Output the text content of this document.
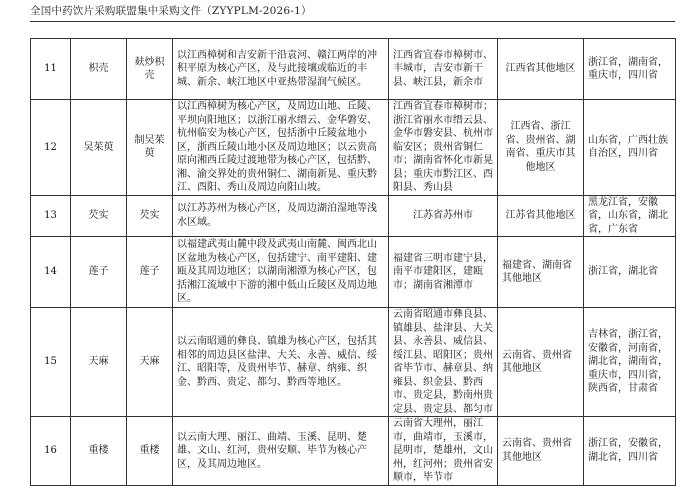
全国中药饮片采购联盟集中采购文件（ZYYPLM-2026-1）
11	枳壳	麸炒枳壳	以江西樟树和吉安新干沿袁河、赣江两岸的冲积平原为核心产区，及与此接壤或临近的丰城、新余、峡江地区中亚热带湿润气候区。	江西省宜春市樟树市、丰城市，吉安市新干县、峡江县，新余市	江西省其他地区	浙江省，湖南省，重庆市，四川省
12	吴茱萸	制吴茱萸	以江西樟树为核心产区，及周边山地、丘陵、平坝向阳地区；以浙江丽水缙云、金华磐安、杭州临安为核心产区，包括浙中丘陵盆地小区，浙西丘陵山地小区及周边地区；以云贵高原向湘西丘陵过渡地带为核心产区，包括黔、湘、渝交界处的贵州铜仁、湖南新晃、重庆黔江、酉阳、秀山及周边向阳山坡。	江西省宜春市樟树市；浙江省丽水市缙云县、金华市磐安县、杭州市临安区；贵州省铜仁市；湖南省怀化市新晃县；重庆市黔江区、酉阳县、秀山县	江西省、浙江省、贵州省、湖南省、重庆市其他地区	山东省，广西壮族自治区，四川省
13	芡实	芡实	以江苏苏州为核心产区，及周边湖泊湿地等浅水区域。	江苏省苏州市	江苏省其他地区	黑龙江省，安徽省，山东省，湖北省，广东省
14	莲子	莲子	以福建武夷山麓中段及武夷山南麓、闽西北山区盆地为核心产区，包括建宁、南平建阳、建瓯及其周边地区；以湖南湘潭为核心产区，包括湘江流域中下游的湘中低山丘陵区及周边地区。	福建省三明市建宁县，南平市建阳区，建瓯市；湖南省湘潭市	福建省、湖南省其他地区	浙江省，湖北省
15	天麻	天麻	以云南昭通的彝良、镇雄为核心产区，包括其相邻的周边县区盐津、大关、永善、威信、绥江、昭阳等，及贵州毕节、赫章、纳雍、织金、黔西、贵定、都匀、黔西等地区。	云南省昭通市彝良县、镇雄县、盐津县、大关县、永善县、威信县、绥江县、昭阳区；贵州省毕节市、赫章县、纳雍县、织金县、黔西市、贵定县，黔南州贵定县、贵定县、都匀市	云南省、贵州省其他地区	吉林省，浙江省，安徽省，河南省，湖北省，湖南省，重庆市，四川省，陕西省，甘肃省
16	重楼	重楼	以云南大理、丽江、曲靖、玉溪、昆明、楚雄、文山、红河，贵州安顺、毕节为核心产区，及其周边地区。	云南省大理州，丽江市，曲靖市，玉溪市，昆明市，楚雄州，文山州，红河州；贵州省安顺市，毕节市	云南省、贵州省其他地区	浙江省，安徽省，湖北省，四川省
